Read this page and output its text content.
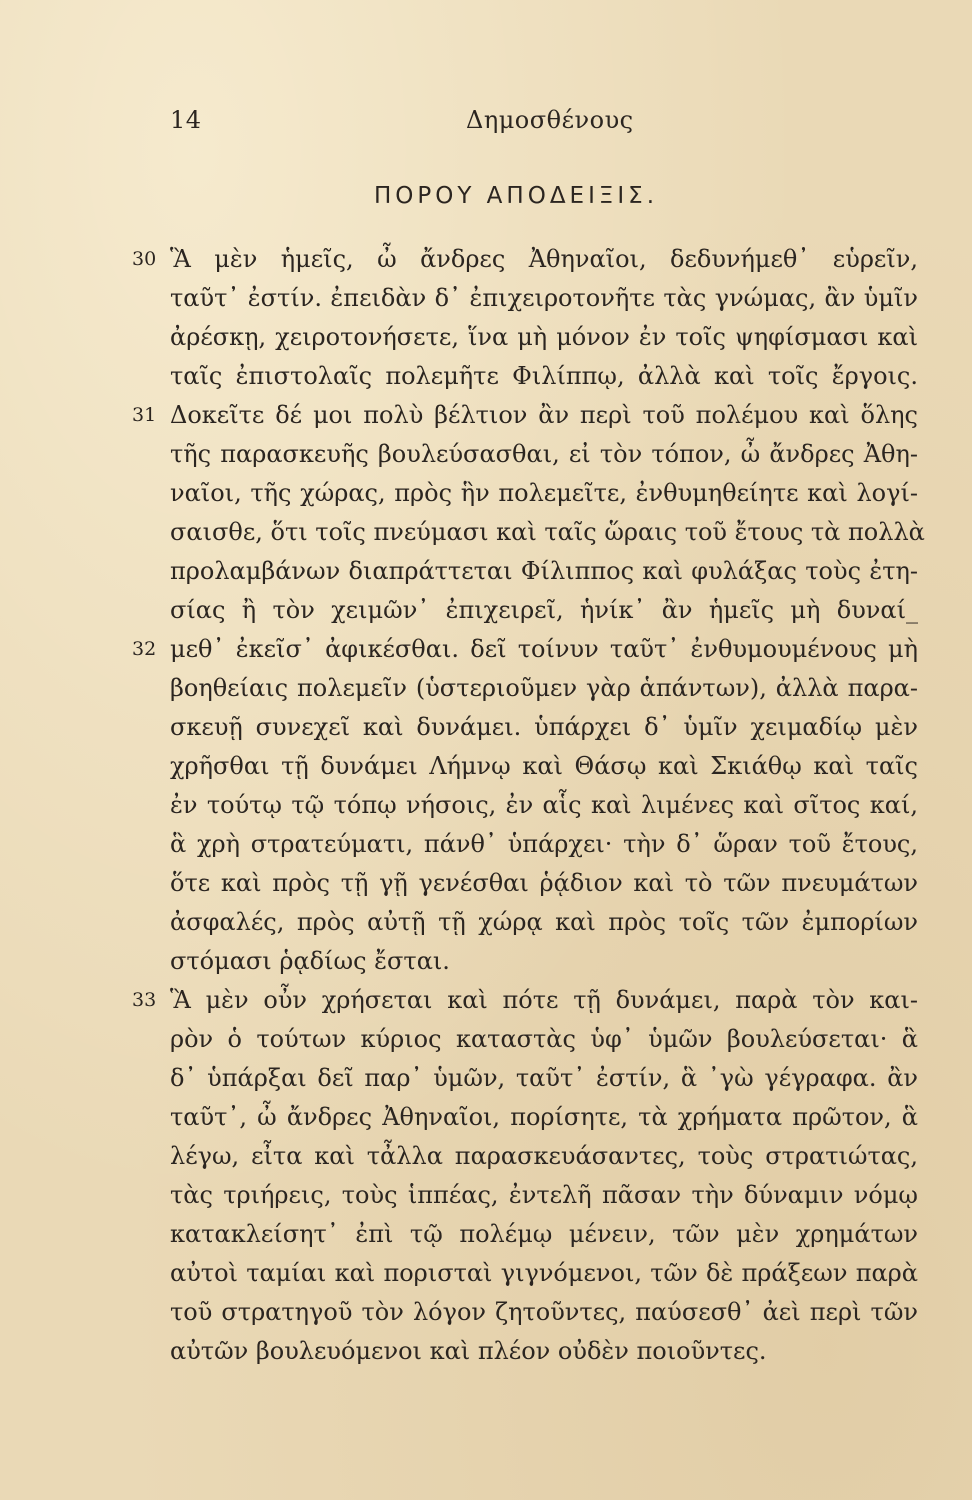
14	Δημοσθένους
ΠΟΡΟΥ ΑΠΟΔΕΙΞΙΣ.
30 Ἃ μὲν ἡμεῖς, ὦ ἄνδρες Ἀθηναῖοι, δεδυνήμεθ᾽ εὑρεῖν,
ταῦτ᾽ ἐστίν. ἐπειδὰν δ᾽ ἐπιχειροτονῆτε τὰς γνώμας, ἂν ὑμῖν
ἀρέσκῃ, χειροτονήσετε, ἵνα μὴ μόνον ἐν τοῖς ψηφίσμασι καὶ
ταῖς ἐπιστολαῖς πολεμῆτε Φιλίππῳ, ἀλλὰ καὶ τοῖς ἔργοις.
31 Δοκεῖτε δέ μοι πολὺ βέλτιον ἂν περὶ τοῦ πολέμου καὶ ὅλης
τῆς παρασκευῆς βουλεύσασθαι, εἰ τὸν τόπον, ὦ ἄνδρες Ἀθη-
ναῖοι, τῆς χώρας, πρὸς ἣν πολεμεῖτε, ἐνθυμηθείητε καὶ λογί-
σαισθε, ὅτι τοῖς πνεύμασι καὶ ταῖς ὥραις τοῦ ἔτους τὰ πολλὰ
προλαμβάνων διαπράττεται Φίλιππος καὶ φυλάξας τοὺς ἐτη-
σίας ἢ τὸν χειμῶν᾽ ἐπιχειρεῖ, ἡνίκ᾽ ἂν ἡμεῖς μὴ δυναί_
32 μεθ᾽ ἐκεῖσ᾽ ἀφικέσθαι. δεῖ τοίνυν ταῦτ᾽ ἐνθυμουμένους μὴ
βοηθείαις πολεμεῖν (ὑστεριοῦμεν γὰρ ἁπάντων), ἀλλὰ παρα-
σκευῇ συνεχεῖ καὶ δυνάμει. ὑπάρχει δ᾽ ὑμῖν χειμαδίῳ μὲν
χρῆσθαι τῇ δυνάμει Λήμνῳ καὶ Θάσῳ καὶ Σκιάθῳ καὶ ταῖς
ἐν τούτῳ τῷ τόπῳ νήσοις, ἐν αἷς καὶ λιμένες καὶ σῖτος καί,
ἃ χρὴ στρατεύματι, πάνθ᾽ ὑπάρχει· τὴν δ᾽ ὥραν τοῦ ἔτους,
ὅτε καὶ πρὸς τῇ γῇ γενέσθαι ῥᾴδιον καὶ τὸ τῶν πνευμάτων
ἀσφαλές, πρὸς αὐτῇ τῇ χώρᾳ καὶ πρὸς τοῖς τῶν ἐμπορίων
στόμασι ῥᾳδίως ἔσται.
33 Ἃ μὲν οὖν χρήσεται καὶ πότε τῇ δυνάμει, παρὰ τὸν και-
ρὸν ὁ τούτων κύριος καταστὰς ὑφ᾽ ὑμῶν βουλεύσεται· ἃ
δ᾽ ὑπάρξαι δεῖ παρ᾽ ὑμῶν, ταῦτ᾽ ἐστίν, ἃ ᾽γὼ γέγραφα. ἂν
ταῦτ᾽, ὦ ἄνδρες Ἀθηναῖοι, πορίσητε, τὰ χρήματα πρῶτον, ἃ
λέγω, εἶτα καὶ τἆλλα παρασκευάσαντες, τοὺς στρατιώτας,
τὰς τριήρεις, τοὺς ἱππέας, ἐντελῆ πᾶσαν τὴν δύναμιν νόμῳ
κατακλείσητ᾽ ἐπὶ τῷ πολέμῳ μένειν, τῶν μὲν χρημάτων
αὐτοὶ ταμίαι καὶ πορισταὶ γιγνόμενοι, τῶν δὲ πράξεων παρὰ
τοῦ στρατηγοῦ τὸν λόγον ζητοῦντες, παύσεσθ᾽ ἀεὶ περὶ τῶν
αὐτῶν βουλευόμενοι καὶ πλέον οὐδὲν ποιοῦντες.
